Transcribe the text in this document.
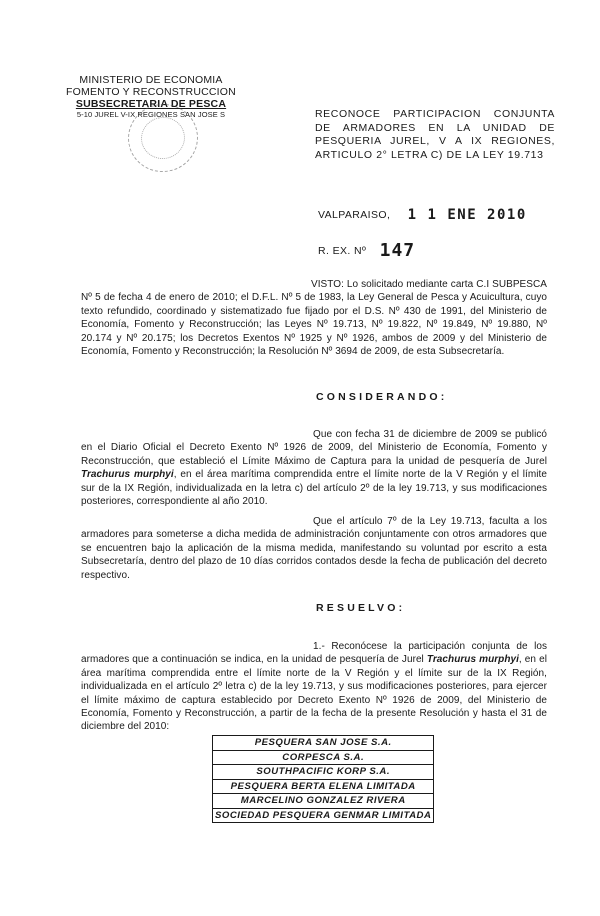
MINISTERIO DE ECONOMIA
FOMENTO Y RECONSTRUCCION
SUBSECRETARIA DE PESCA
5-10 JUREL V-IX REGIONES SAN JOSE S	RECONOCE PARTICIPACION CONJUNTA DE ARMADORES EN LA UNIDAD DE PESQUERIA JUREL, V A IX REGIONES, ARTICULO 2° LETRA C) DE LA LEY 19.713
VALPARAISO, 1 1 ENE 2010
R. EX. Nº 147
VISTO: Lo solicitado mediante carta C.I SUBPESCA Nº 5 de fecha 4 de enero de 2010; el D.F.L. Nº 5 de 1983, la Ley General de Pesca y Acuicultura, cuyo texto refundido, coordinado y sistematizado fue fijado por el D.S. Nº 430 de 1991, del Ministerio de Economía, Fomento y Reconstrucción; las Leyes Nº 19.713, Nº 19.822, Nº 19.849, Nº 19.880, Nº 20.174 y Nº 20.175; los Decretos Exentos Nº 1925 y Nº 1926, ambos de 2009 y del Ministerio de Economía, Fomento y Reconstrucción; la Resolución Nº 3694 de 2009, de esta Subsecretaría.
CONSIDERANDO:
Que con fecha 31 de diciembre de 2009 se publicó en el Diario Oficial el Decreto Exento Nº 1926 de 2009, del Ministerio de Economía, Fomento y Reconstrucción, que estableció el Límite Máximo de Captura para la unidad de pesquería de Jurel Trachurus murphyi, en el área marítima comprendida entre el límite norte de la V Región y el límite sur de la IX Región, individualizada en la letra c) del artículo 2º de la ley 19.713, y sus modificaciones posteriores, correspondiente al año 2010.
Que el artículo 7º de la Ley 19.713, faculta a los armadores para someterse a dicha medida de administración conjuntamente con otros armadores que se encuentren bajo la aplicación de la misma medida, manifestando su voluntad por escrito a esta Subsecretaría, dentro del plazo de 10 días corridos contados desde la fecha de publicación del decreto respectivo.
RESUELVO:
1.- Reconócese la participación conjunta de los armadores que a continuación se indica, en la unidad de pesquería de Jurel Trachurus murphyi, en el área marítima comprendida entre el límite norte de la V Región y el límite sur de la IX Región, individualizada en el artículo 2º letra c) de la ley 19.713, y sus modificaciones posteriores, para ejercer el límite máximo de captura establecido por Decreto Exento Nº 1926 de 2009, del Ministerio de Economía, Fomento y Reconstrucción, a partir de la fecha de la presente Resolución y hasta el 31 de diciembre del 2010:
PESQUERA SAN JOSE S.A.
CORPESCA S.A.
SOUTHPACIFIC KORP S.A.
PESQUERA BERTA ELENA LIMITADA
MARCELINO GONZALEZ RIVERA
SOCIEDAD PESQUERA GENMAR LIMITADA
